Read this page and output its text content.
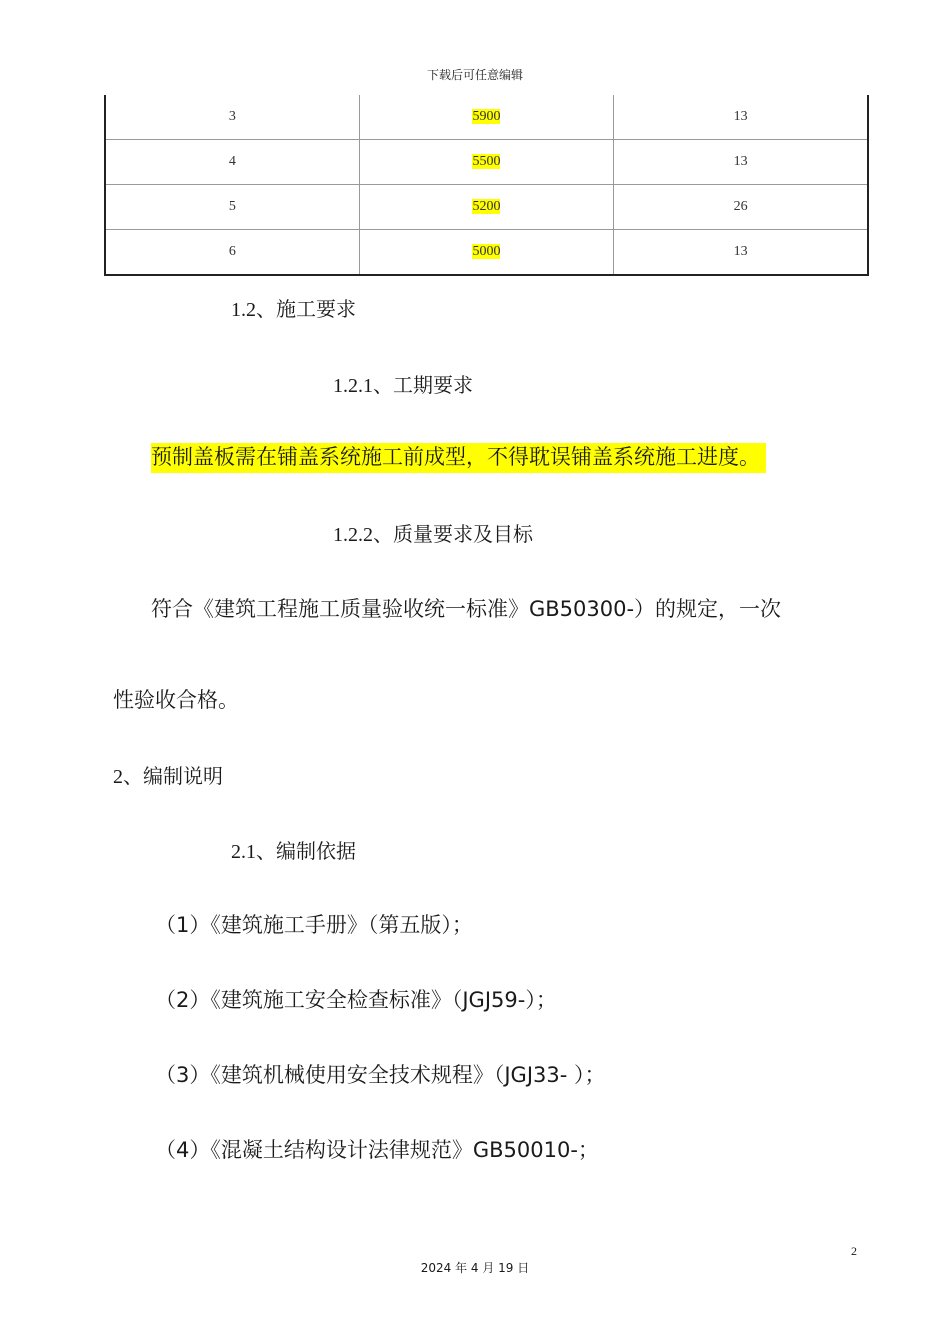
下载后可任意编辑
3	5900	13
4	5500	13
5	5200	26
6	5000	13
1.2、施工要求
1.2.1、工期要求
预制盖板需在铺盖系统施工前成型，不得耽误铺盖系统施工进度。
1.2.2、质量要求及目标
符合《建筑工程施工质量验收统一标准》GB50300-）的规定，一次
性验收合格。
2、编制说明
2.1、编制依据
（1）《建筑施工手册》（第五版）；
（2）《建筑施工安全检查标准》（JGJ59-）；
（3）《建筑机械使用安全技术规程》（JGJ33- ）；
（4）《混凝土结构设计法律规范》GB50010-；
2
2024 年 4 月 19 日
